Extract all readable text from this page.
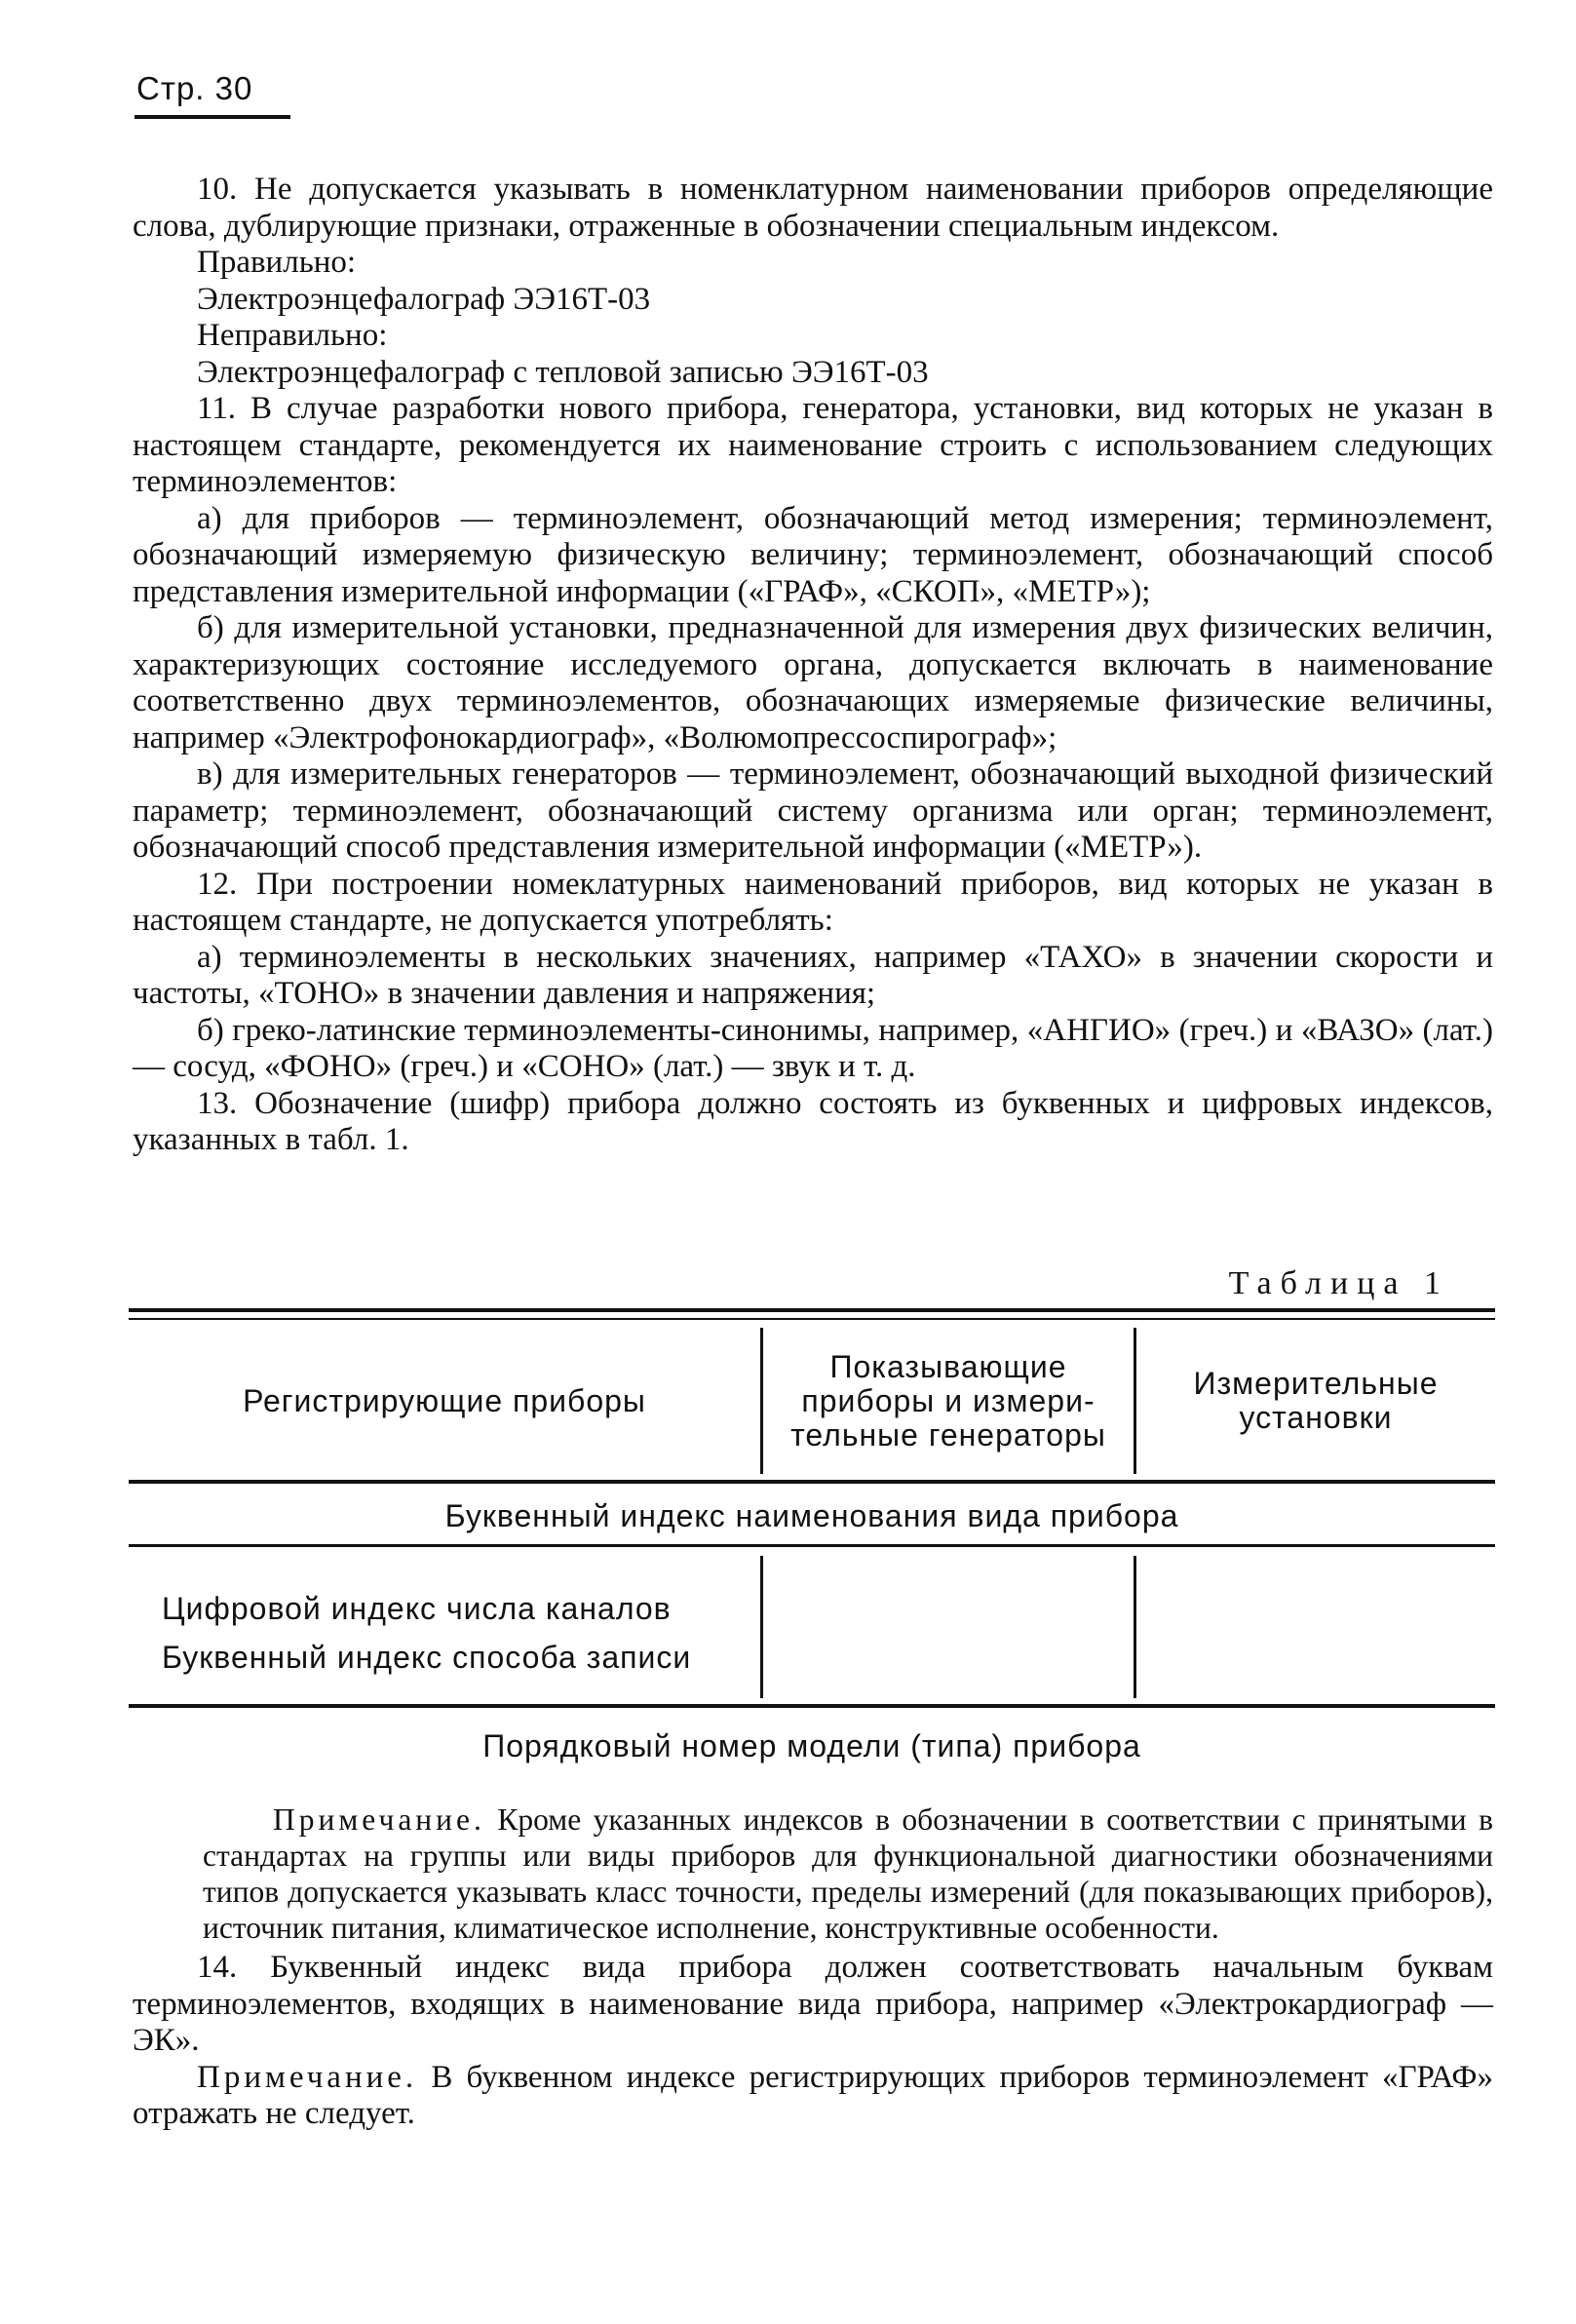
Стр. 30

10. Не допускается указывать в номенклатурном наименовании приборов определяющие слова, дублирующие признаки, отраженные в обозначении специальным индексом.

Правильно:

Электроэнцефалограф ЭЭ16Т-03

Неправильно:

Электроэнцефалограф с тепловой записью ЭЭ16Т-03

11. В случае разработки нового прибора, генератора, установки, вид которых не указан в настоящем стандарте, рекомендуется их наименование строить с использованием следующих терминоэлементов:

а) для приборов — терминоэлемент, обозначающий метод измерения; терминоэлемент, обозначающий измеряемую физическую величину; терминоэлемент, обозначающий способ представления измерительной информации («ГРАФ», «СКОП», «МЕТР»);

б) для измерительной установки, предназначенной для измерения двух физических величин, характеризующих состояние исследуемого органа, допускается включать в наименование соответственно двух терминоэлементов, обозначающих измеряемые физические величины, например «Электрофонокардиограф», «Волюмопрессоспирограф»;

в) для измерительных генераторов — терминоэлемент, обозначающий выходной физический параметр; терминоэлемент, обозначающий систему организма или орган; терминоэлемент, обозначающий способ представления измерительной информации («МЕТР»).

12. При построении номеклатурных наименований приборов, вид которых не указан в настоящем стандарте, не допускается употреблять:

а) терминоэлементы в нескольких значениях, например «ТАХО» в значении скорости и частоты, «ТОНО» в значении давления и напряжения;

б) греко-латинские терминоэлементы-синонимы, например, «АНГИО» (греч.) и «ВАЗО» (лат.) — сосуд, «ФОНО» (греч.) и «СОНО» (лат.) — звук и т. д.

13. Обозначение (шифр) прибора должно состоять из буквенных и цифровых индексов, указанных в табл. 1.

Таблица 1
Регистрирующие приборы
Показывающие
приборы и измери-
тельные генераторы
Измерительные
установки
Буквенный индекс наименования вида прибора
Цифровой индекс числа каналов
Буквенный индекс способа записи
Порядковый номер модели (типа) прибора

Примечание. Кроме указанных индексов в обозначении в соответствии с принятыми в стандартах на группы или виды приборов для функциональной диагностики обозначениями типов допускается указывать класс точности, пределы измерений (для показывающих приборов), источник питания, климатическое исполнение, конструктивные особенности.

14. Буквенный индекс вида прибора должен соответствовать начальным буквам терминоэлементов, входящих в наименование вида прибора, например «Электрокардиограф — ЭК».

Примечание. В буквенном индексе регистрирующих приборов терминоэлемент «ГРАФ» отражать не следует.
